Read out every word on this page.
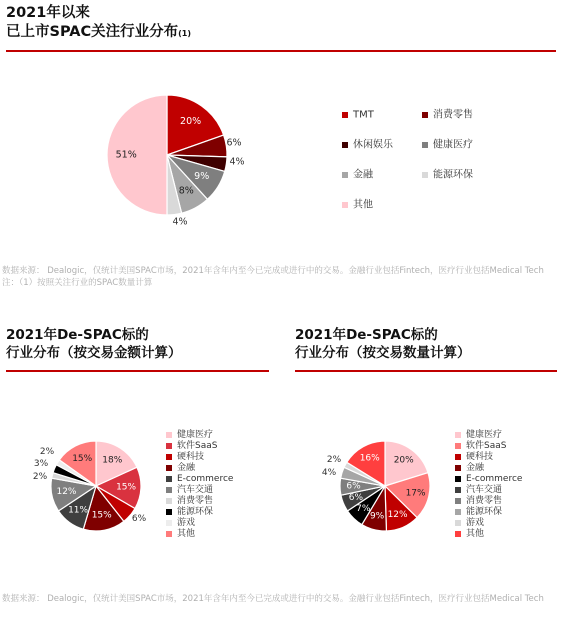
2021年以来
已上市SPAC关注行业分布$^{(1)}$
数据来源： Dealogic，仅统计美国SPAC市场，2021年含年内至今已完成或进行中的交易。金融行业包括Fintech，医疗行业包括Medical Tech
注：（1）按照关注行业的SPAC数量计算
2021年De-SPAC标的
行业分布（按交易金额计算）
2021年De-SPAC标的
行业分布（按交易数量计算）
数据来源： Dealogic，仅统计美国SPAC市场，2021年含年内至今已完成或进行中的交易。金融行业包括Fintech，医疗行业包括Medical Tech
20%
6%
4%
9%
8%
4%
51%
TMT	消费零售
休闲娱乐	健康医疗
金融	能源环保
其他
18%
15%
6%
15%
11%
12%
2%
3%
2%
15%
健康医疗
软件SaaS
硬科技
金融
E-commerce
汽车交通
消费零售
能源环保
游戏
其他
20%
17%
12%
9%
7%
6%
6%
4%
2% 16%
健康医疗
软件SaaS
硬科技
金融
E-commerce
汽车交通
消费零售
能源环保
游戏
其他
